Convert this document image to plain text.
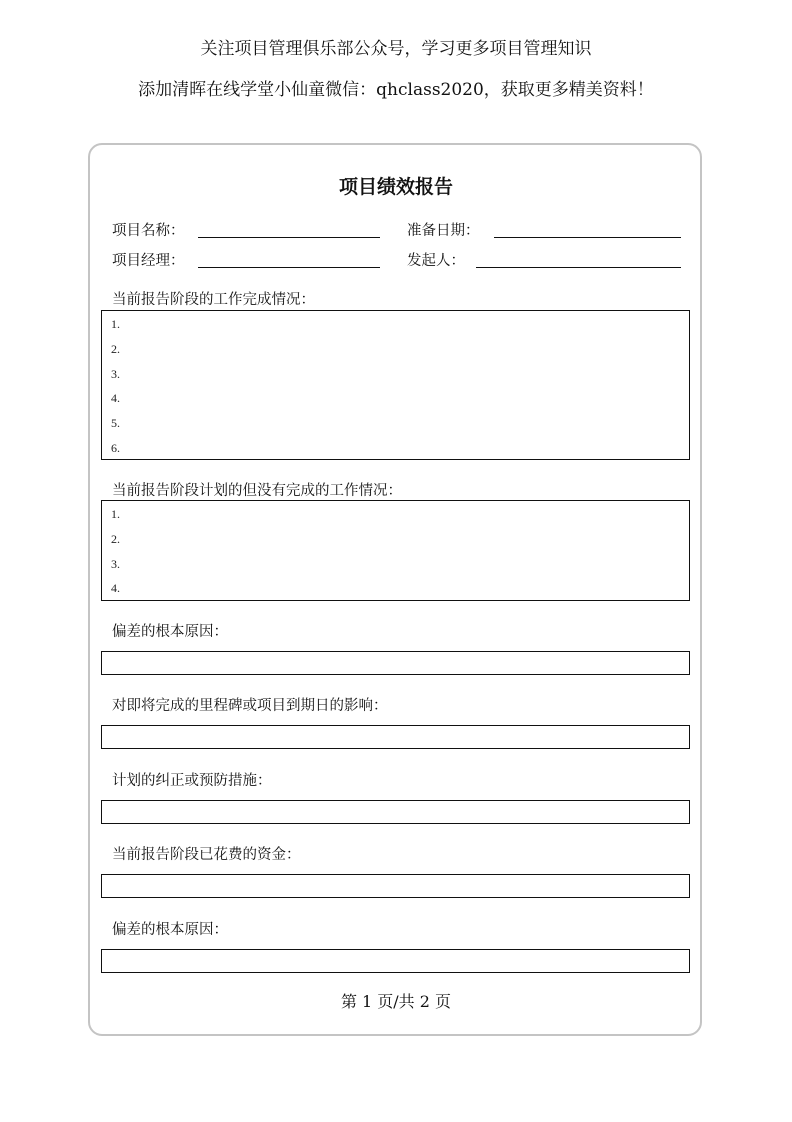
关注项目管理俱乐部公众号，学习更多项目管理知识
添加清晖在线学堂小仙童微信：qhclass2020，获取更多精美资料！
项目绩效报告
项目名称：	准备日期：
项目经理：	发起人：
当前报告阶段的工作完成情况：
1.
2.
3.
4.
5.
6.
当前报告阶段计划的但没有完成的工作情况：
1.
2.
3.
4.
偏差的根本原因：
对即将完成的里程碑或项目到期日的影响：
计划的纠正或预防措施：
当前报告阶段已花费的资金：
偏差的根本原因：
第 1 页/共 2 页
